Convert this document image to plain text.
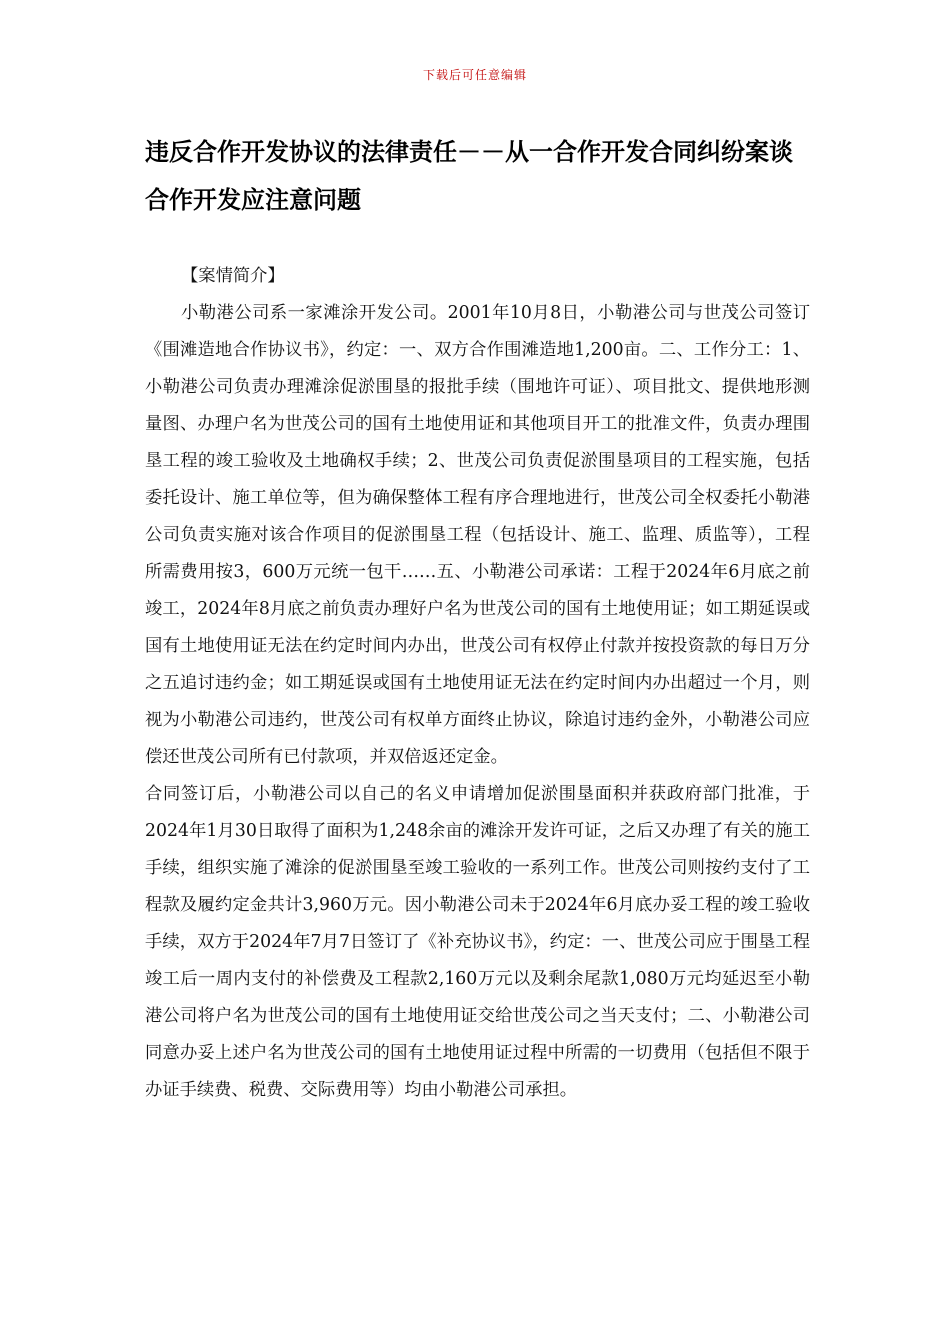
下载后可任意编辑
违反合作开发协议的法律责任－－从一合作开发合同纠纷案谈合作开发应注意问题

【案情简介】

小勒港公司系一家滩涂开发公司。2001年10月8日，小勒港公司与世茂公司签订《围滩造地合作协议书》，约定：一、双方合作围滩造地1,200亩。二、工作分工：1、小勒港公司负责办理滩涂促淤围垦的报批手续（围地许可证）、项目批文、提供地形测量图、办理户名为世茂公司的国有土地使用证和其他项目开工的批准文件，负责办理围垦工程的竣工验收及土地确权手续；2、世茂公司负责促淤围垦项目的工程实施，包括委托设计、施工单位等，但为确保整体工程有序合理地进行，世茂公司全权委托小勒港公司负责实施对该合作项目的促淤围垦工程（包括设计、施工、监理、质监等），工程所需费用按3，600万元统一包干……五、小勒港公司承诺：工程于2024年6月底之前竣工，2024年8月底之前负责办理好户名为世茂公司的国有土地使用证；如工期延误或国有土地使用证无法在约定时间内办出，世茂公司有权停止付款并按投资款的每日万分之五追讨违约金；如工期延误或国有土地使用证无法在约定时间内办出超过一个月，则视为小勒港公司违约，世茂公司有权单方面终止协议，除追讨违约金外，小勒港公司应偿还世茂公司所有已付款项，并双倍返还定金。

合同签订后，小勒港公司以自己的名义申请增加促淤围垦面积并获政府部门批准，于2024年1月30日取得了面积为1,248余亩的滩涂开发许可证，之后又办理了有关的施工手续，组织实施了滩涂的促淤围垦至竣工验收的一系列工作。世茂公司则按约支付了工程款及履约定金共计3,960万元。因小勒港公司未于2024年6月底办妥工程的竣工验收手续，双方于2024年7月7日签订了《补充协议书》，约定：一、世茂公司应于围垦工程竣工后一周内支付的补偿费及工程款2,160万元以及剩余尾款1,080万元均延迟至小勒港公司将户名为世茂公司的国有土地使用证交给世茂公司之当天支付；二、小勒港公司同意办妥上述户名为世茂公司的国有土地使用证过程中所需的一切费用（包括但不限于办证手续费、税费、交际费用等）均由小勒港公司承担。
